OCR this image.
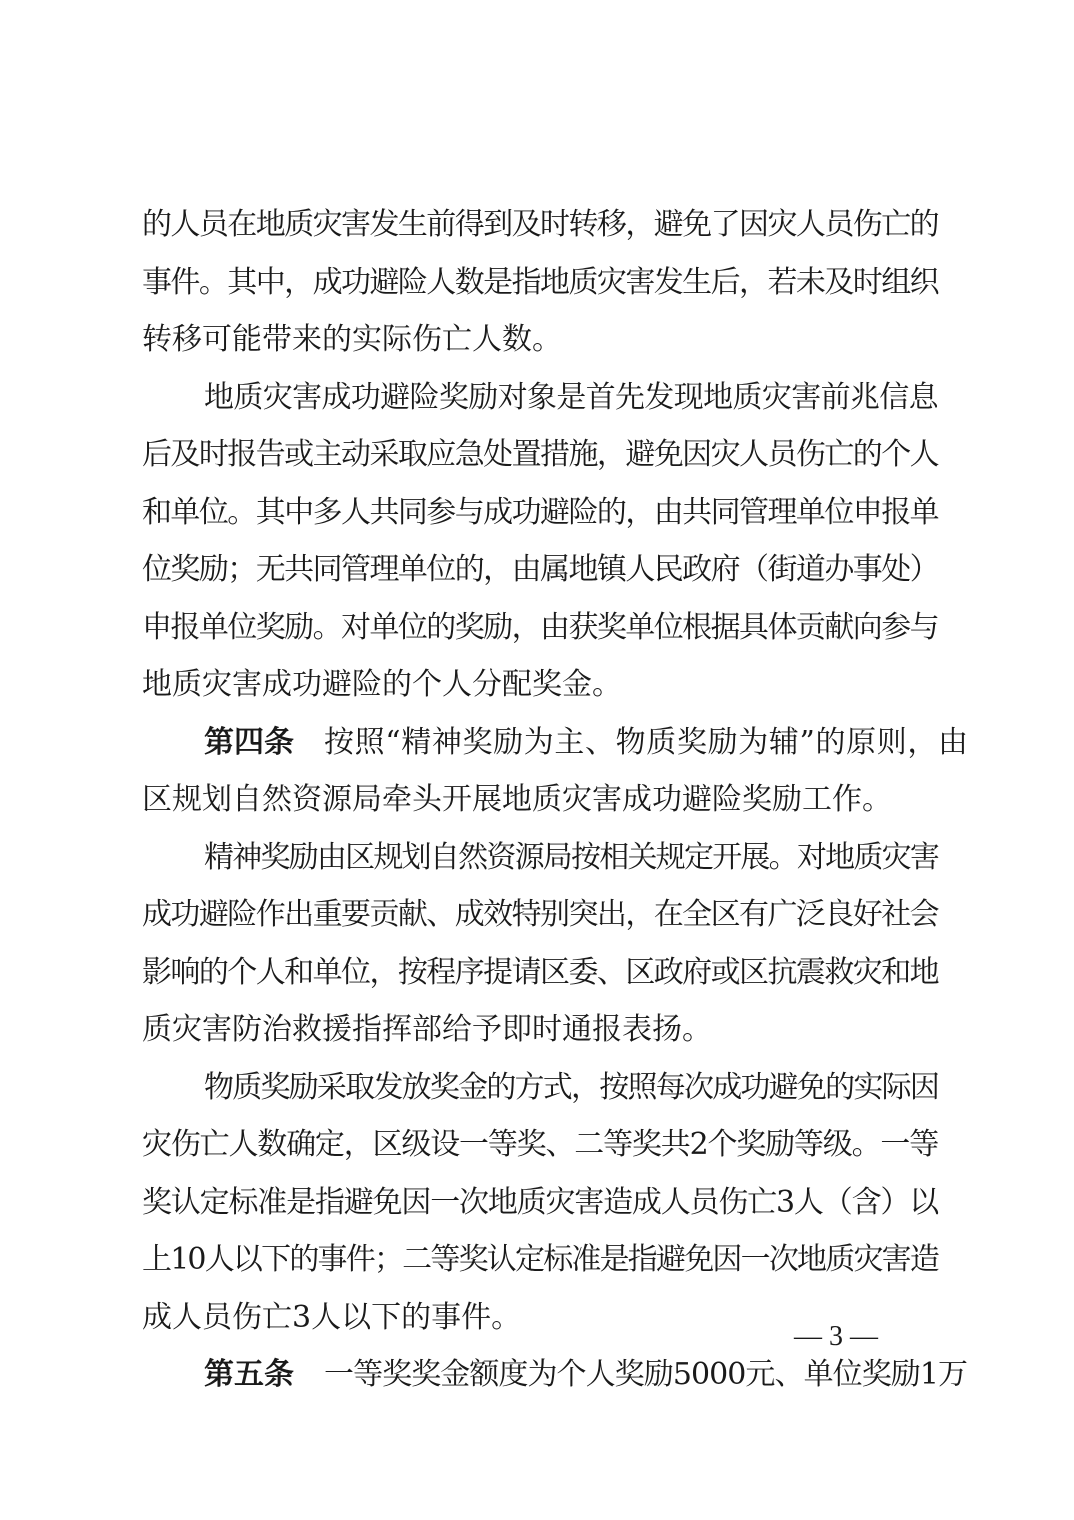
的人员在地质灾害发生前得到及时转移，避免了因灾人员伤亡的
事件。其中，成功避险人数是指地质灾害发生后，若未及时组织
转移可能带来的实际伤亡人数。
地质灾害成功避险奖励对象是首先发现地质灾害前兆信息
后及时报告或主动采取应急处置措施，避免因灾人员伤亡的个人
和单位。其中多人共同参与成功避险的，由共同管理单位申报单
位奖励；无共同管理单位的，由属地镇人民政府（街道办事处）
申报单位奖励。对单位的奖励，由获奖单位根据具体贡献向参与
地质灾害成功避险的个人分配奖金。
第四条 按照“精神奖励为主、物质奖励为辅”的原则，由
区规划自然资源局牵头开展地质灾害成功避险奖励工作。
精神奖励由区规划自然资源局按相关规定开展。对地质灾害
成功避险作出重要贡献、成效特别突出，在全区有广泛良好社会
影响的个人和单位，按程序提请区委、区政府或区抗震救灾和地
质灾害防治救援指挥部给予即时通报表扬。
物质奖励采取发放奖金的方式，按照每次成功避免的实际因
灾伤亡人数确定，区级设一等奖、二等奖共2个奖励等级。一等
奖认定标准是指避免因一次地质灾害造成人员伤亡3人（含）以
上10人以下的事件；二等奖认定标准是指避免因一次地质灾害造
成人员伤亡3人以下的事件。
第五条 一等奖奖金额度为个人奖励5000元、单位奖励1万
— 3 —
